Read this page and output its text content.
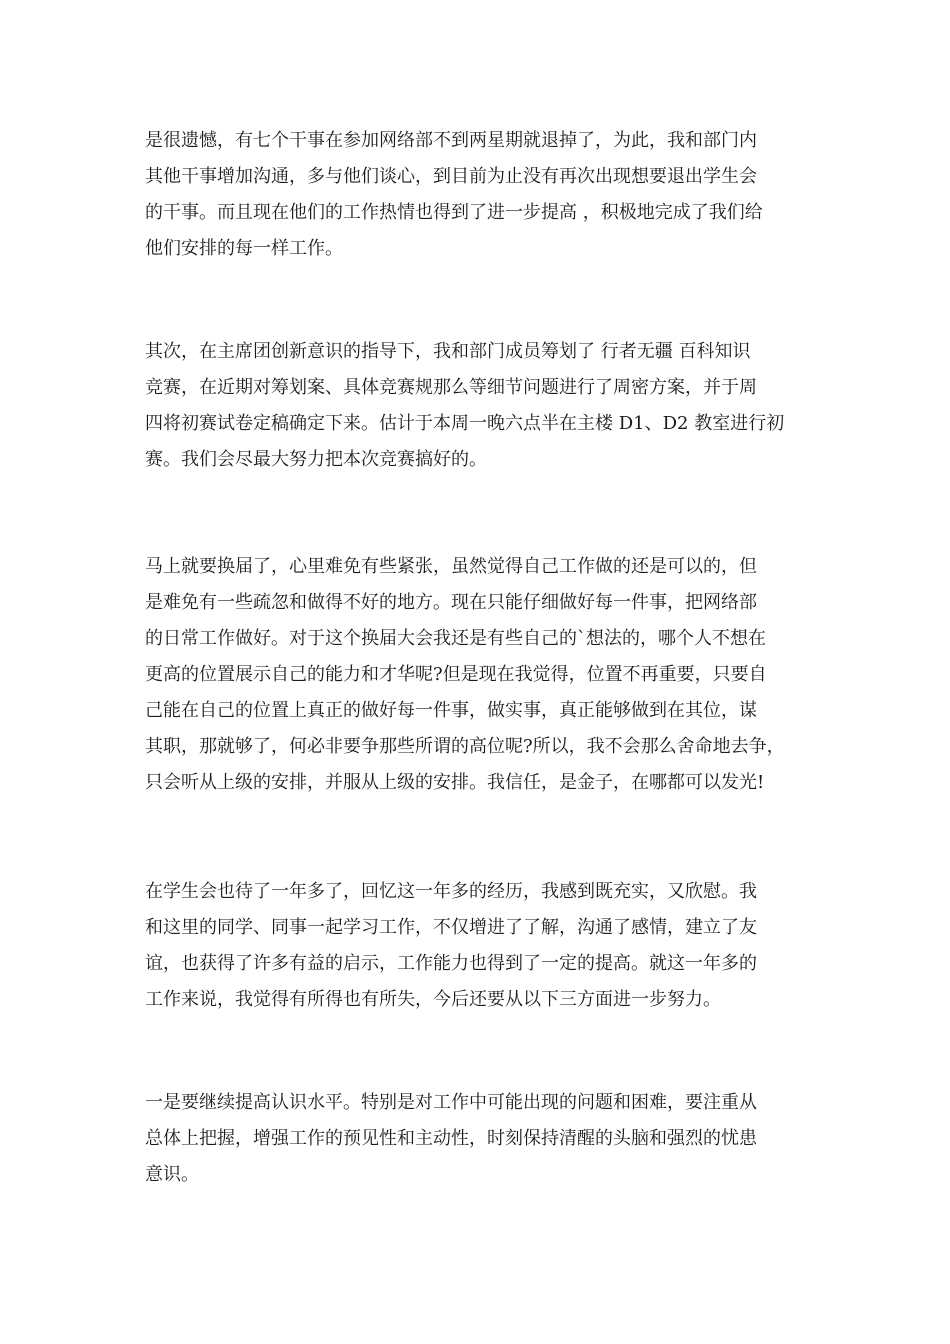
是很遗憾，有七个干事在参加网络部不到两星期就退掉了，为此，我和部门内
其他干事增加沟通，多与他们谈心，到目前为止没有再次出现想要退出学生会
的干事。而且现在他们的工作热情也得到了进一步提高 ，积极地完成了我们给
他们安排的每一样工作。
其次，在主席团创新意识的指导下，我和部门成员筹划了 行者无疆 百科知识
竞赛，在近期对筹划案、具体竞赛规那么等细节问题进行了周密方案，并于周
四将初赛试卷定稿确定下来。估计于本周一晚六点半在主楼 D1、D2 教室进行初
赛。我们会尽最大努力把本次竞赛搞好的。
马上就要换届了，心里难免有些紧张，虽然觉得自己工作做的还是可以的，但
是难免有一些疏忽和做得不好的地方。现在只能仔细做好每一件事，把网络部
的日常工作做好。对于这个换届大会我还是有些自己的`想法的，哪个人不想在
更高的位置展示自己的能力和才华呢?但是现在我觉得，位置不再重要，只要自
己能在自己的位置上真正的做好每一件事，做实事，真正能够做到在其位，谋
其职，那就够了，何必非要争那些所谓的高位呢?所以，我不会那么舍命地去争，
只会听从上级的安排，并服从上级的安排。我信任，是金子，在哪都可以发光!
在学生会也待了一年多了，回忆这一年多的经历，我感到既充实，又欣慰。我
和这里的同学、同事一起学习工作，不仅增进了了解，沟通了感情，建立了友
谊，也获得了许多有益的启示，工作能力也得到了一定的提高。就这一年多的
工作来说，我觉得有所得也有所失，今后还要从以下三方面进一步努力。
一是要继续提高认识水平。特别是对工作中可能出现的问题和困难，要注重从
总体上把握，增强工作的预见性和主动性，时刻保持清醒的头脑和强烈的忧患
意识。
